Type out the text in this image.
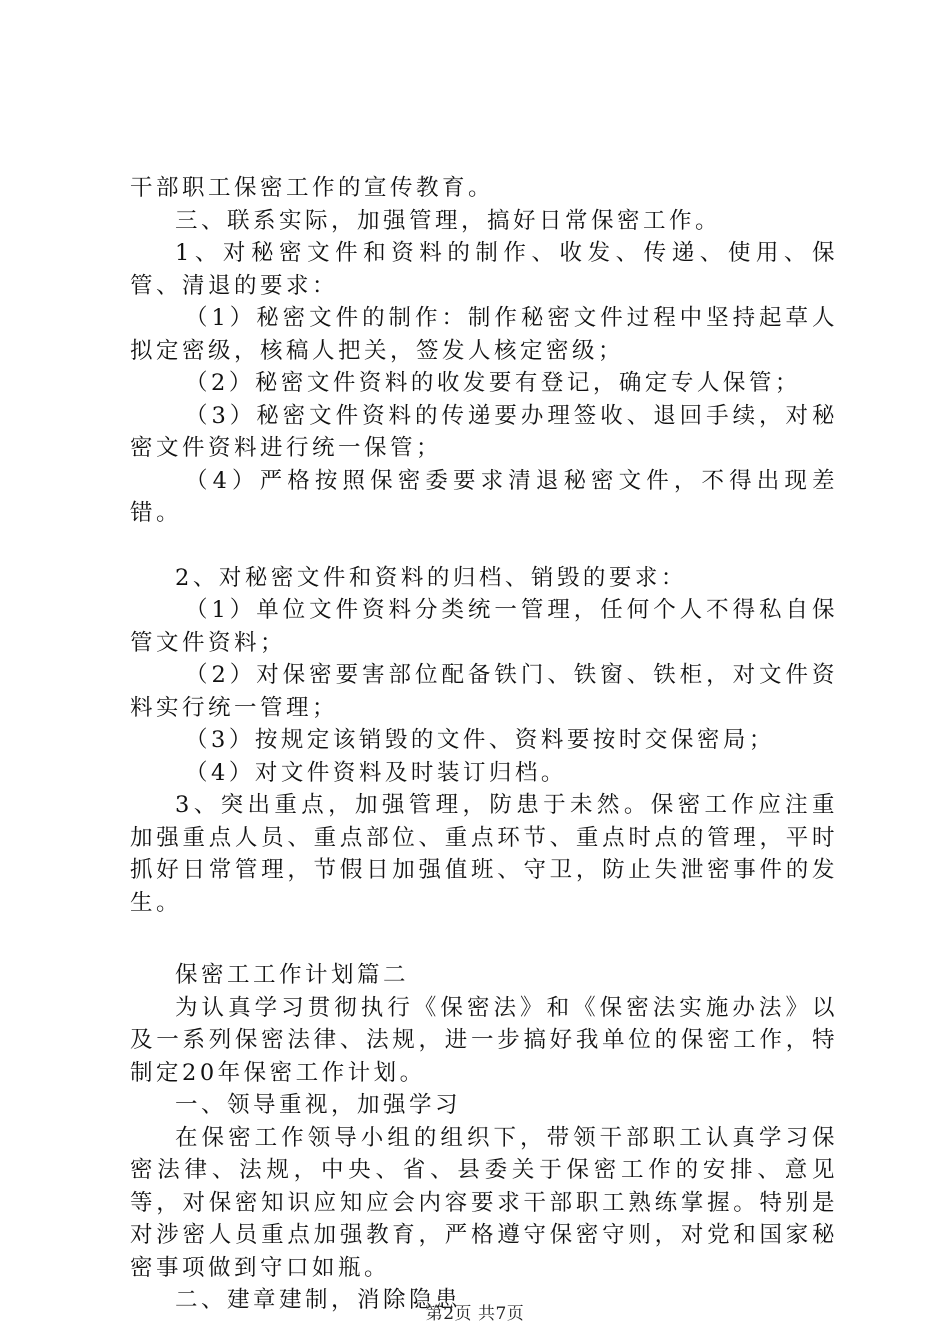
干部职工保密工作的宣传教育。

三、联系实际，加强管理，搞好日常保密工作。

1、对秘密文件和资料的制作、收发、传递、使用、保管、清退的要求：

（1）秘密文件的制作：制作秘密文件过程中坚持起草人拟定密级，核稿人把关，签发人核定密级；

（2）秘密文件资料的收发要有登记，确定专人保管；

（3）秘密文件资料的传递要办理签收、退回手续，对秘密文件资料进行统一保管；

（4）严格按照保密委要求清退秘密文件，不得出现差错。

2、对秘密文件和资料的归档、销毁的要求：

（1）单位文件资料分类统一管理，任何个人不得私自保管文件资料；

（2）对保密要害部位配备铁门、铁窗、铁柜，对文件资料实行统一管理；

（3）按规定该销毁的文件、资料要按时交保密局；

（4）对文件资料及时装订归档。

3、突出重点，加强管理，防患于未然。保密工作应注重加强重点人员、重点部位、重点环节、重点时点的管理，平时抓好日常管理，节假日加强值班、守卫，防止失泄密事件的发生。

保密工工作计划篇二

为认真学习贯彻执行《保密法》和《保密法实施办法》以及一系列保密法律、法规，进一步搞好我单位的保密工作，特制定20年保密工作计划。

一、领导重视，加强学习

在保密工作领导小组的组织下，带领干部职工认真学习保密法律、法规，中央、省、县委关于保密工作的安排、意见等，对保密知识应知应会内容要求干部职工熟练掌握。特别是对涉密人员重点加强教育，严格遵守保密守则，对党和国家秘密事项做到守口如瓶。

二、建章建制，消除隐患

第2页 共7页
